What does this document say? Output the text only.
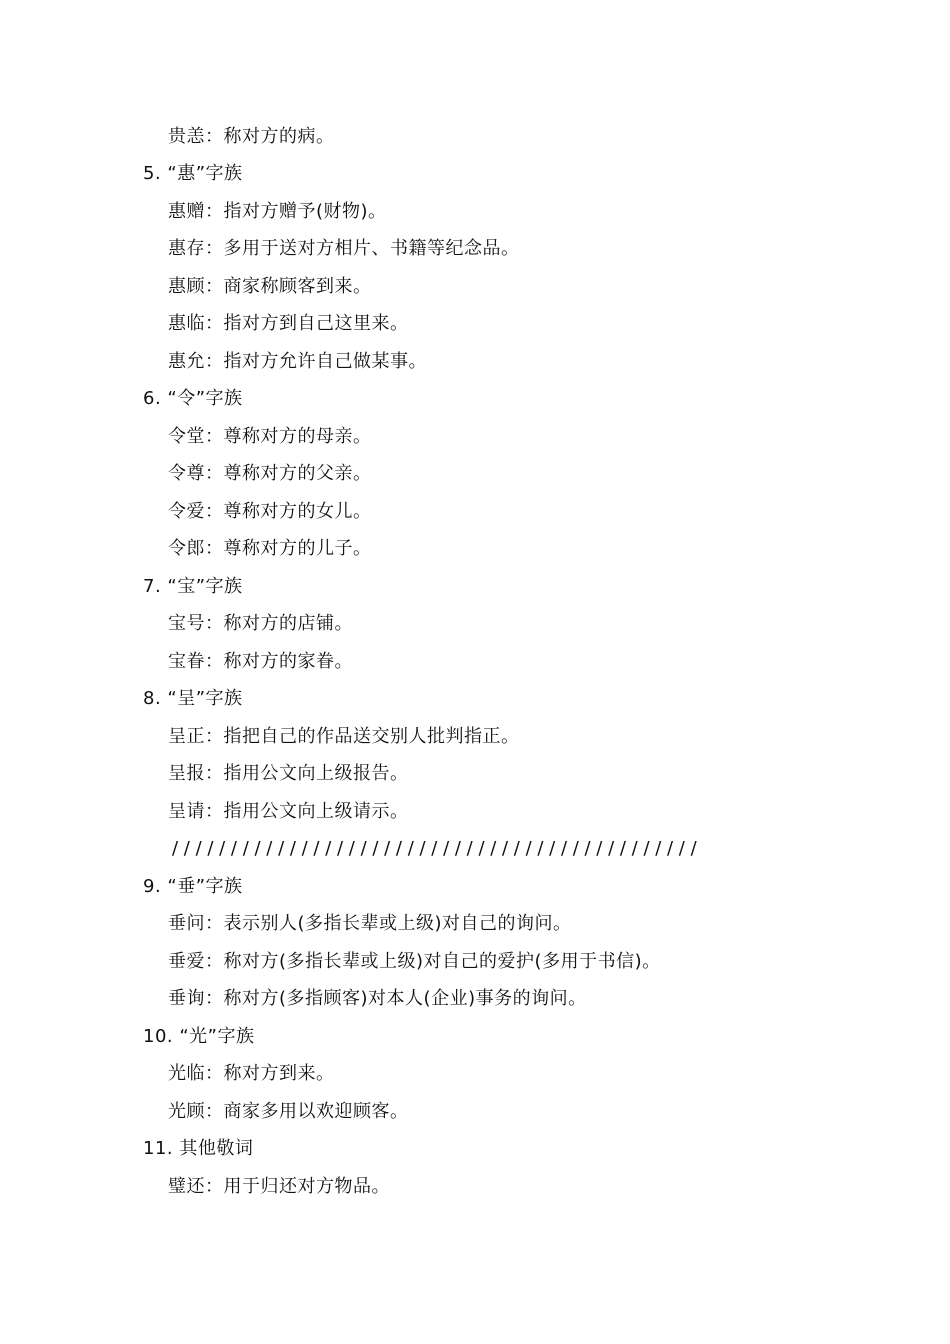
贵恙：称对方的病。
5. “惠”字族
惠赠：指对方赠予(财物)。
惠存：多用于送对方相片、书籍等纪念品。
惠顾：商家称顾客到来。
惠临：指对方到自己这里来。
惠允：指对方允许自己做某事。
6. “令”字族
令堂：尊称对方的母亲。
令尊：尊称对方的父亲。
令爱：尊称对方的女儿。
令郎：尊称对方的儿子。
7. “宝”字族
宝号：称对方的店铺。
宝眷：称对方的家眷。
8. “呈”字族
呈正：指把自己的作品送交别人批判指正。
呈报：指用公文向上级报告。
呈请：指用公文向上级请示。
/ / / / / / / / / / / / / / / / / / / / / / / / / / / / / / / / / / / / / / / / / / / / /
9. “垂”字族
垂问：表示别人(多指长辈或上级)对自己的询问。
垂爱：称对方(多指长辈或上级)对自己的爱护(多用于书信)。
垂询：称对方(多指顾客)对本人(企业)事务的询问。
10. “光”字族
光临：称对方到来。
光顾：商家多用以欢迎顾客。
11. 其他敬词
璧还：用于归还对方物品。
